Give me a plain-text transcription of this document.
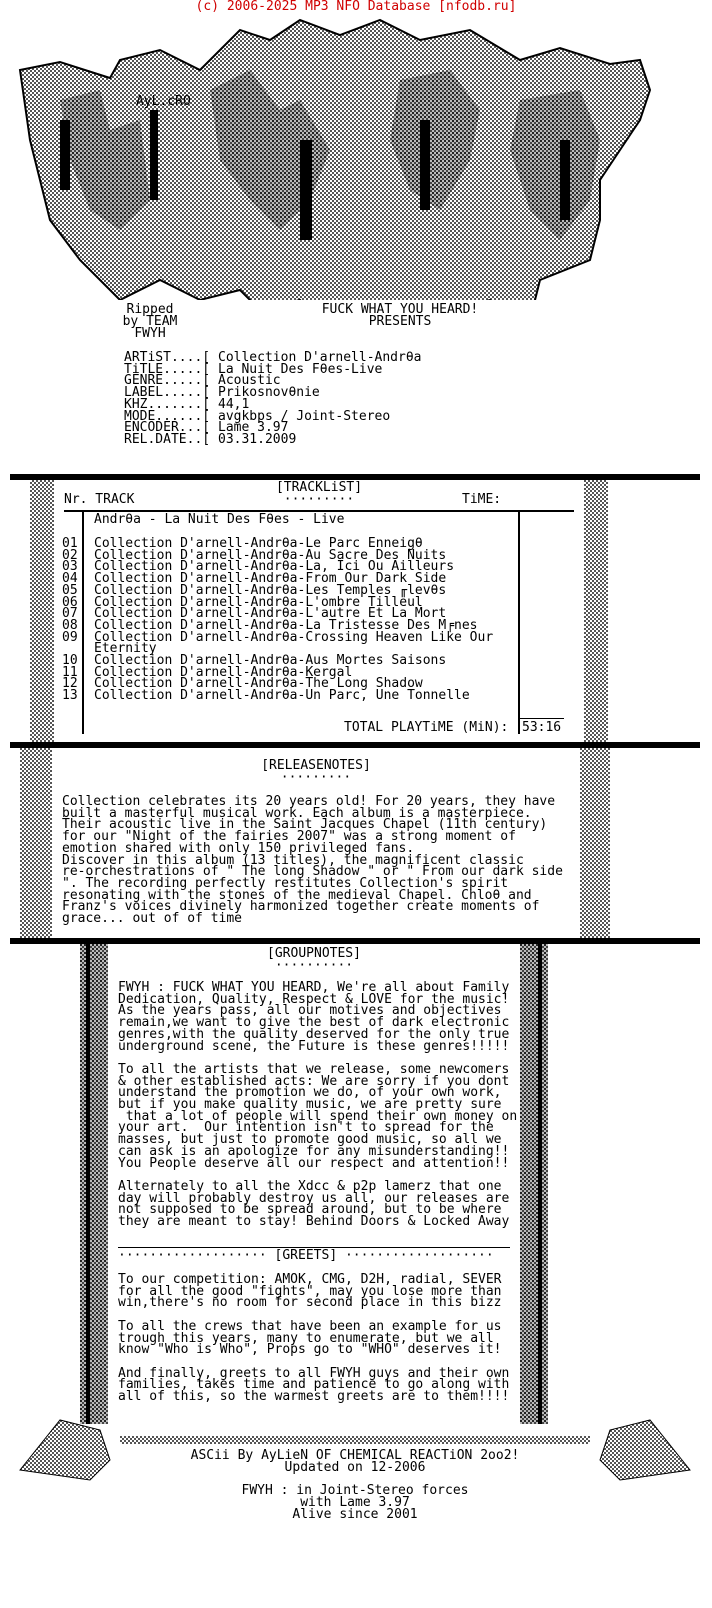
(c) 2006-2025 MP3 NFO Database [nfodb.ru]
AyL.cRO
Ripped
by TEAM
FWYH
FUCK WHAT YOU HEARD!
PRESENTS
ARTiST....[ Collection D'arnell-Andrθa
TiTLE.....[ La Nuit Des Fθes-Live
GENRE.....[ Acoustic
LABEL.....[ Prikosnovθnie
KHZ.......[ 44,1
MODE......[ avgkbps / Joint-Stereo
ENCODER...[ Lame 3.97
REL.DATE..[ 03.31.2009
[TRACKLiST]
·········
Nr. TRACK	TiME:
Andrθa - La Nuit Des Fθes - Live
01 Collection D'arnell-Andrθa-Le Parc Enneigθ
02 Collection D'arnell-Andrθa-Au Sacre Des Nuits
03 Collection D'arnell-Andrθa-La, Ici Ou Ailleurs
04 Collection D'arnell-Andrθa-From Our Dark Side
05 Collection D'arnell-Andrθa-Les Temples ╓levθs
06 Collection D'arnell-Andrθa-L'ombre Tilleul
07 Collection D'arnell-Andrθa-L'autre Et La Mort
08 Collection D'arnell-Andrθa-La Tristesse Des M╒nes
09 Collection D'arnell-Andrθa-Crossing Heaven Like Our
Eternity
10 Collection D'arnell-Andrθa-Aus Mortes Saisons
11 Collection D'arnell-Andrθa-Kergal
12 Collection D'arnell-Andrθa-The Long Shadow
13 Collection D'arnell-Andrθa-Un Parc, Une Tonnelle
TOTAL PLAYTiME (MiN): 53:16
[RELEASENOTES]
·········
Collection celebrates its 20 years old! For 20 years, they have
built a masterful musical work. Each album is a masterpiece.
Their acoustic live in the Saint Jacques Chapel (11th century)
for our "Night of the fairies 2007" was a strong moment of
emotion shared with only 150 privileged fans.
Discover in this album (13 titles), the magnificent classic
re-orchestrations of " The long Shadow " or " From our dark side
". The recording perfectly restitutes Collection's spirit
resonating with the stones of the medieval Chapel. Chloθ and
Franz's voices divinely harmonized together create moments of
grace... out of of time
[GROUPNOTES]
··········
FWYH : FUCK WHAT YOU HEARD, We're all about Family
Dedication, Quality, Respect & LOVE for the music!
As the years pass, all our motives and objectives
remain,we want to give the best of dark electronic
genres,with the quality deserved for the only true
underground scene, the Future is these genres!!!!!
To all the artists that we release, some newcomers
& other established acts: We are sorry if you dont
understand the promotion we do, of your own work,
but if you make quality music, we are pretty sure
that a lot of people will spend their own money on
your art.  Our intention isn't to spread for the
masses, but just to promote good music, so all we
can ask is an apologize for any misunderstanding!!
You People deserve all our respect and attention!!
Alternately to all the Xdcc & p2p lamerz that one
day will probably destroy us all, our releases are
not supposed to be spread around, but to be where
they are meant to stay! Behind Doors & Locked Away
··················· [GREETS] ···················
To our competition: AMOK, CMG, D2H, radial, SEVER
for all the good "fights", may you lose more than
win,there's no room for second place in this bizz
To all the crews that have been an example for us
trough this years, many to enumerate, but we all
know "Who is Who", Props go to "WHO" deserves it!
And finally, greets to all FWYH guys and their own
families, takes time and patience to go along with
all of this, so the warmest greets are to them!!!!
ASCii By AyLieN OF CHEMICAL REACTiON 2oo2!
Updated on 12-2006
FWYH : in Joint-Stereo forces
with Lame 3.97
Alive since 2001
